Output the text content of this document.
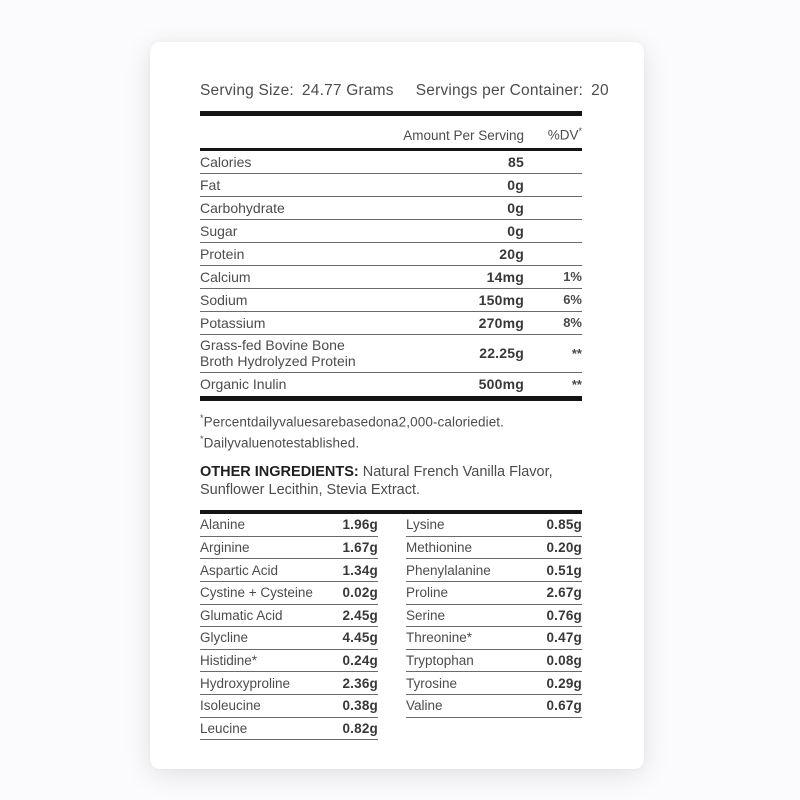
Serving Size: 24.77 Grams Servings per Container: 20
Amount Per Serving	%DV*
Calories	85
Fat	0g
Carbohydrate	0g
Sugar	0g
Protein	20g
Calcium	14mg	1%
Sodium	150mg	6%
Potassium	270mg	8%
Grass-fed Bovine Bone Broth Hydrolyzed Protein	22.25g	**
Organic Inulin	500mg	**

*Percentdailyvaluesarebasedona2,000-caloriediet.

*Dailyvaluenotestablished.

OTHER INGREDIENTS: Natural French Vanilla Flavor, Sunflower Lecithin, Stevia Extract.

Alanine	1.96g
Arginine	1.67g
Aspartic Acid	1.34g
Cystine + Cysteine 0.02g
Glumatic Acid	2.45g
Glycline	4.45g
Histidine*	0.24g
Hydroxyproline	2.36g
Isoleucine	0.38g
Leucine	0.82g
Lysine	0.85g
Methionine	0.20g
Phenylalanine	0.51g
Proline	2.67g
Serine	0.76g
Threonine*	0.47g
Tryptophan	0.08g
Tyrosine	0.29g
Valine	0.67g
